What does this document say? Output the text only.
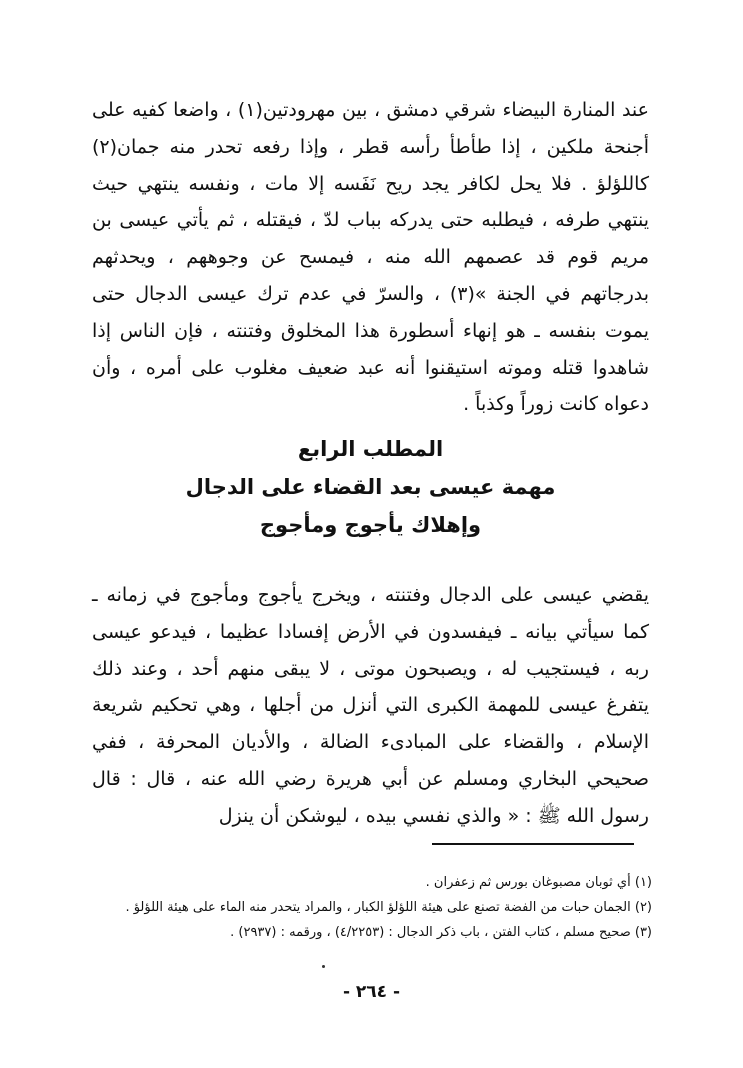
عند المنارة البيضاء شرقي دمشق ، بين مهرودتين(١) ، واضعا كفيه على أجنحة ملكين ، إذا طأطأ رأسه قطر ، وإذا رفعه تحدر منه جمان(٢) كاللؤلؤ . فلا يحل لكافر يجد ريح نَفَسه إلا مات ، ونفسه ينتهي حيث ينتهي طرفه ، فيطلبه حتى يدركه بباب لدّ ، فيقتله ، ثم يأتي عيسى بن مريم قوم قد عصمهم الله منه ، فيمسح عن وجوههم ، ويحدثهم بدرجاتهم في الجنة »(٣) ، والسرّ في عدم ترك عيسى الدجال حتى يموت بنفسه ـ هو إنهاء أسطورة هذا المخلوق وفتنته ، فإن الناس إذا شاهدوا قتله وموته استيقنوا أنه عبد ضعيف مغلوب على أمره ، وأن دعواه كانت زوراً وكذباً .

المطلب الرابع
مهمة عيسى بعد القضاء على الدجال
وإهلاك يأجوج ومأجوج

يقضي عيسى على الدجال وفتنته ، ويخرج يأجوج ومأجوج في زمانه ـ كما سيأتي بيانه ـ فيفسدون في الأرض إفسادا عظيما ، فيدعو عيسى ربه ، فيستجيب له ، ويصبحون موتى ، لا يبقى منهم أحد ، وعند ذلك يتفرغ عيسى للمهمة الكبرى التي أنزل من أجلها ، وهي تحكيم شريعة الإسلام ، والقضاء على المبادىء الضالة ، والأديان المحرفة ، ففي صحيحي البخاري ومسلم عن أبي هريرة رضي الله عنه ، قال : قال رسول الله ﷺ : « والذي نفسي بيده ، ليوشكن أن ينزل

(١) أي ثوبان مصبوغان بورس ثم زعفران .
(٢) الجمان حبات من الفضة تصنع على هيئة اللؤلؤ الكبار ، والمراد يتحدر منه الماء على هيئة اللؤلؤ .
(٣) صحيح مسلم ، كتاب الفتن ، باب ذكر الدجال : (٤/٢٢٥٣) ، ورقمه : (٢٩٣٧) .
- ٢٦٤ -
